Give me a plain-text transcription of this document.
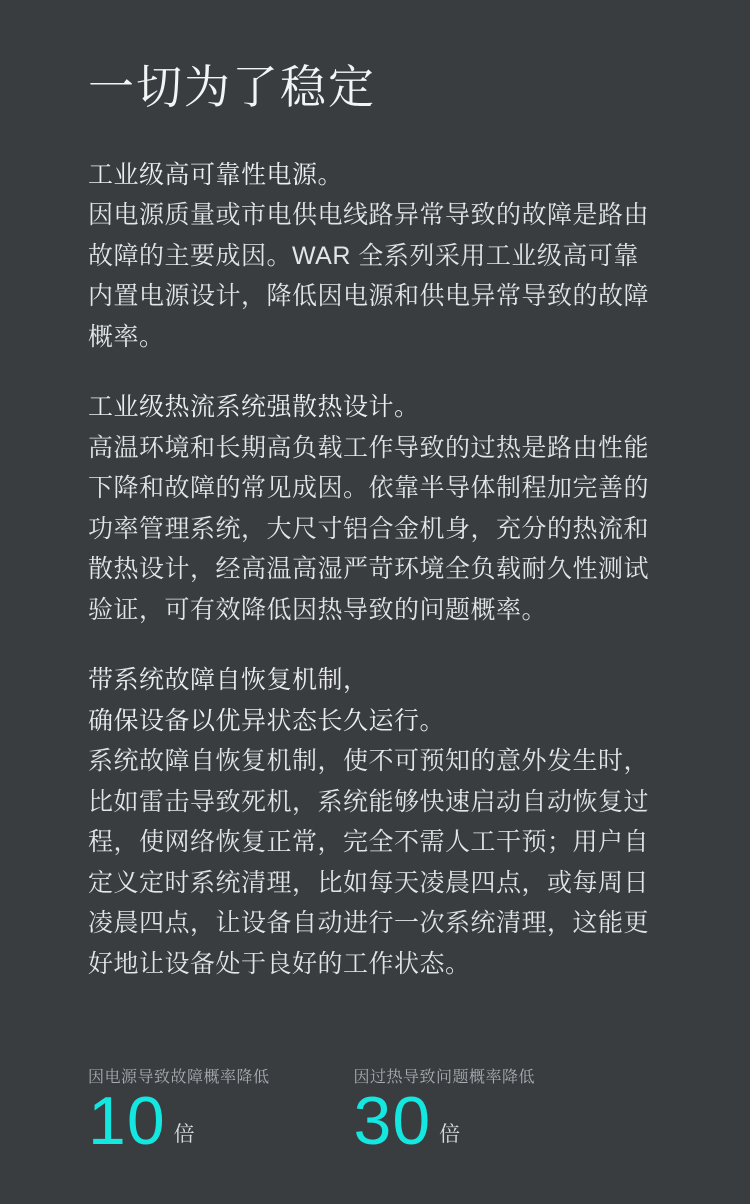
一切为了稳定

工业级高可靠性电源。

因电源质量或市电供电线路异常导致的故障是路由故障的主要成因。WAR 全系列采用工业级高可靠内置电源设计，降低因电源和供电异常导致的故障概率。

工业级热流系统强散热设计。

高温环境和长期高负载工作导致的过热是路由性能下降和故障的常见成因。依靠半导体制程加完善的功率管理系统，大尺寸铝合金机身，充分的热流和散热设计，经高温高湿严苛环境全负载耐久性测试验证，可有效降低因热导致的问题概率。

带系统故障自恢复机制，

确保设备以优异状态长久运行。

系统故障自恢复机制，使不可预知的意外发生时，比如雷击导致死机，系统能够快速启动自动恢复过程，使网络恢复正常，完全不需人工干预；用户自定义定时系统清理，比如每天凌晨四点，或每周日凌晨四点，让设备自动进行一次系统清理，这能更好地让设备处于良好的工作状态。

因电源导致故障概率降低
10 倍
因过热导致问题概率降低
30 倍
